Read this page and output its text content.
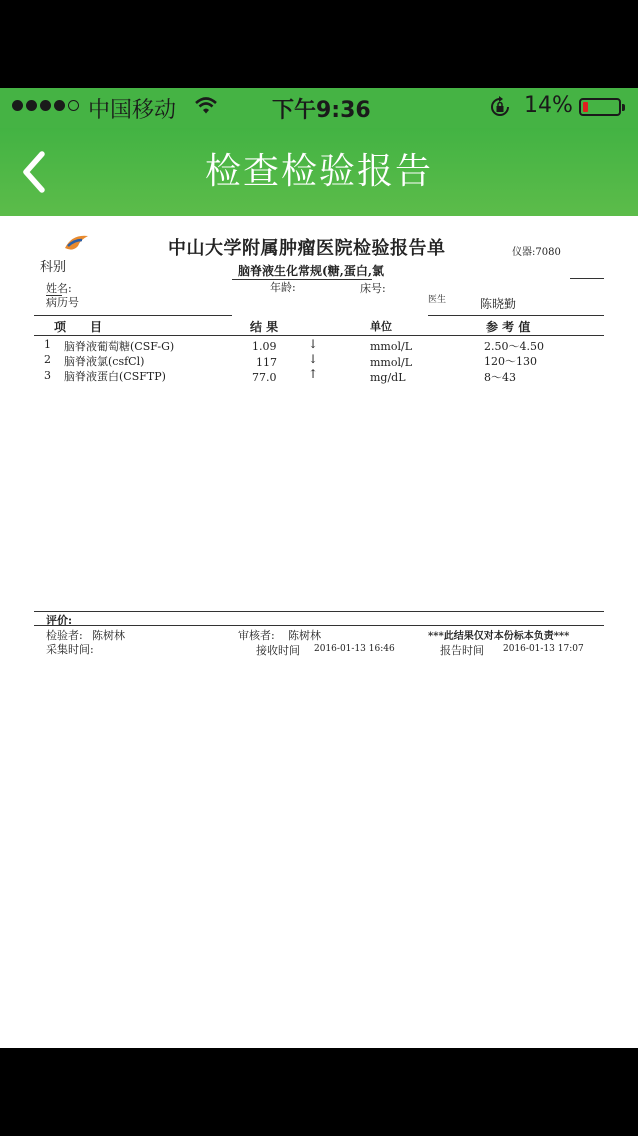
中国移动	下午9:36	14%
检查检验报告
科别
中山大学附属肿瘤医院检验报告单	仪器:7080
脑脊液生化常规(糖,蛋白,氯
姓名:	年龄:	床号:
病历号	医生	陈晓勤
项　　目	结 果	单位	参 考 值
1 脑脊液葡萄糖(CSF-G)	1.09	↓	mmol/L	2.50～4.50
2 脑脊液氯(csfCl)	117	↓	mmol/L	120～130
3 脑脊液蛋白(CSFTP)	77.0	↑	mg/dL	8～43
评价:
检验者: 陈树林	审核者: 陈树林	***此结果仅对本份标本负责***
采集时间:	接收时间 2016-01-13 16:46	报告时间 2016-01-13 17:07
